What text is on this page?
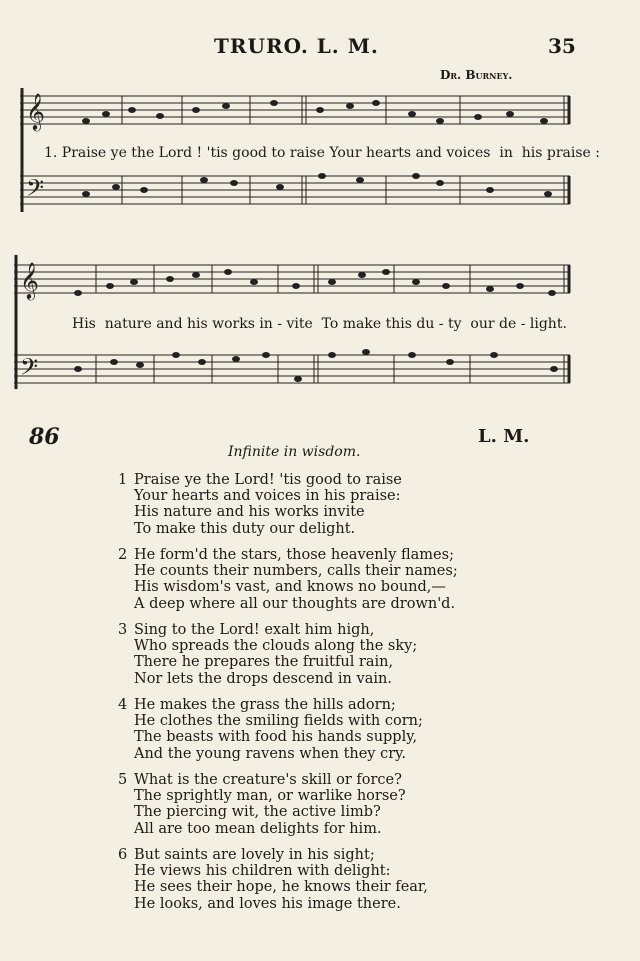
TRURO. L. M.	35
Dr. Burney.
𝄞
𝄢
1. Praise ye the Lord ! 'tis good to raise Your hearts and voices  in  his praise :
𝄞
𝄢
His  nature and his works in - vite  To make this du - ty  our de - light.
86	L. M.
Infinite in wisdom.
1 Praise ye the Lord! 'tis good to raise
Your hearts and voices in his praise:
His nature and his works invite
To make this duty our delight.
2 He form'd the stars, those heavenly flames;
He counts their numbers, calls their names;
His wisdom's vast, and knows no bound,—
A deep where all our thoughts are drown'd.
3 Sing to the Lord! exalt him high,
Who spreads the clouds along the sky;
There he prepares the fruitful rain,
Nor lets the drops descend in vain.
4 He makes the grass the hills adorn;
He clothes the smiling fields with corn;
The beasts with food his hands supply,
And the young ravens when they cry.
5 What is the creature's skill or force?
The sprightly man, or warlike horse?
The piercing wit, the active limb?
All are too mean delights for him.
6 But saints are lovely in his sight;
He views his children with delight:
He sees their hope, he knows their fear,
He looks, and loves his image there.
